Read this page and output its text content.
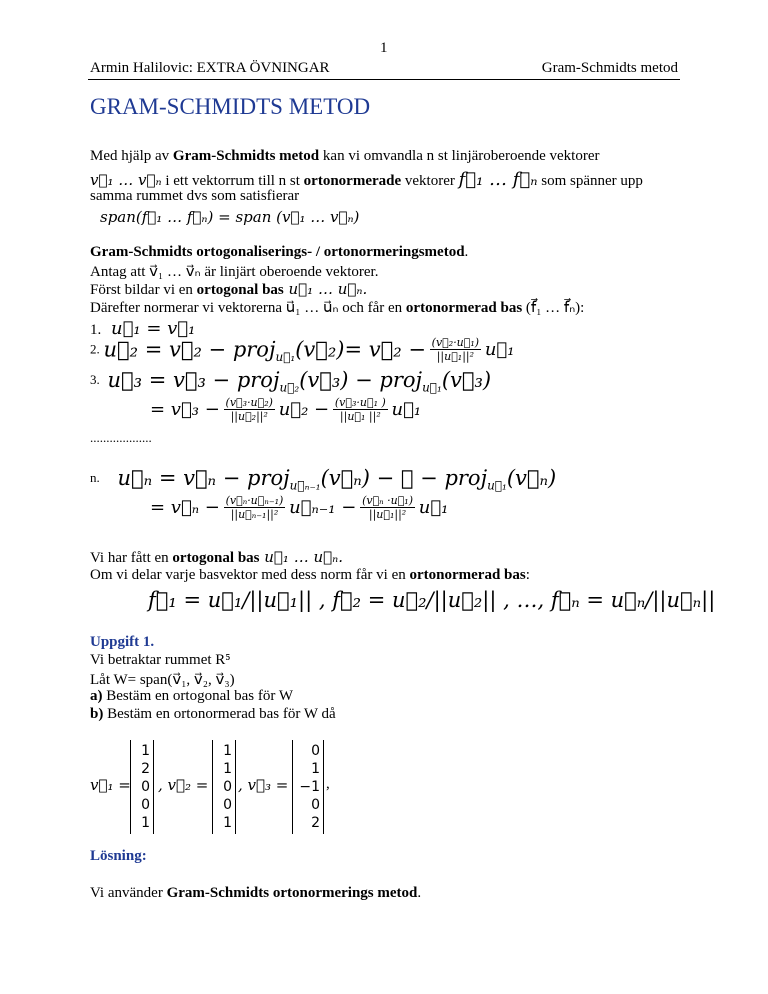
1
Armin Halilovic: EXTRA ÖVNINGAR	Gram-Schmidts metod
GRAM-SCHMIDTS METOD
Med hjälp av Gram-Schmidts metod kan vi omvandla n st linjäroberoende vektorer
v⃗₁ … v⃗ₙ i ett vektorrum till n st ortonormerade vektorer f⃗₁ … f⃗ₙ som spänner upp
samma rummet dvs som satisfierar
span(f⃗₁ … f⃗ₙ) = span (v⃗₁ … v⃗ₙ)
Gram-Schmidts ortogonaliserings- / ortonormeringsmetod.
Antag att v⃗₁ … v⃗ₙ är linjärt oberoende vektorer.
Först bildar vi en ortogonal bas u⃗₁ … u⃗ₙ.
Därefter normerar vi vektorerna u⃗₁ … u⃗ₙ och får en ortonormerad bas (f⃗₁ … f⃗ₙ):
1. u⃗₁ = v⃗₁
2. u⃗₂ = v⃗₂ − proj$_{u⃗_1}$(v⃗₂)= v⃗₂ − $\frac{\text{(v⃗₂·u⃗₁)}}{\text{||u⃗₁||²}}$ u⃗₁
3. u⃗₃ = v⃗₃ − proj$_{u⃗_2}$(v⃗₃) − proj$_{u⃗_1}$(v⃗₃)
= v⃗₃ − $\frac{\text{(v⃗₃·u⃗₂)}}{\text{||u⃗₂||²}}$ u⃗₂ − $\frac{\text{(v⃗₃·u⃗₁ )}}{\text{||u⃗₁ ||²}}$ u⃗₁
...................
n. u⃗ₙ = v⃗ₙ − proj$_{u⃗_{n-1}}$(v⃗ₙ) − ⋯ − proj$_{u⃗_1}$(v⃗ₙ)
= v⃗ₙ − $\frac{\text{(v⃗ₙ·u⃗ₙ₋₁)}}{\text{||u⃗ₙ₋₁||²}}$ u⃗ₙ₋₁ − $\frac{\text{(v⃗ₙ ·u⃗₁)}}{\text{||u⃗₁||²}}$ u⃗₁
Vi har fått en ortogonal bas u⃗₁ … u⃗ₙ.
Om vi delar varje basvektor med dess norm får vi en ortonormerad bas:
f⃗₁ = u⃗₁/||u⃗₁|| , f⃗₂ = u⃗₂/||u⃗₂|| , …, f⃗ₙ = u⃗ₙ/||u⃗ₙ||
Uppgift 1.
Vi betraktar rummet R⁵
Låt W= span(v⃗₁, v⃗₂, v⃗₃)
a) Bestäm en ortogonal bas för W
b) Bestäm en ortonormerad bas för W då
v⃗₁ =
1
2
0
0
1
, v⃗₂ =
1
1
0
0
1
, v⃗₃ =
0
1
−1
0
2
,
Lösning:
Vi använder Gram-Schmidts ortonormerings metod.
